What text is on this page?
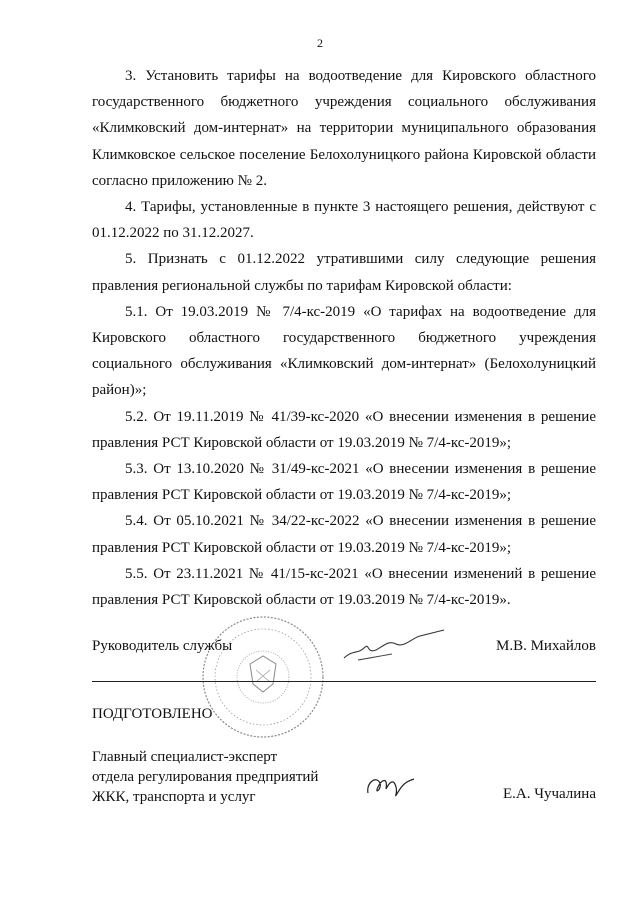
2

3. Установить тарифы на водоотведение для Кировского областного государственного бюджетного учреждения социального обслуживания «Климковский дом-интернат» на территории муниципального образования Климковское сельское поселение Белохолуницкого района Кировской области согласно приложению № 2.

4. Тарифы, установленные в пункте 3 настоящего решения, действуют с 01.12.2022 по 31.12.2027.

5. Признать с 01.12.2022 утратившими силу следующие решения правления региональной службы по тарифам Кировской области:

5.1. От 19.03.2019 № 7/4-кс-2019 «О тарифах на водоотведение для Кировского областного государственного бюджетного учреждения социального обслуживания «Климковский дом-интернат» (Белохолуницкий район)»;

5.2. От 19.11.2019 № 41/39-кс-2020 «О внесении изменения в решение правления РСТ Кировской области от 19.03.2019 № 7/4-кс-2019»;

5.3. От 13.10.2020 № 31/49-кс-2021 «О внесении изменения в решение правления РСТ Кировской области от 19.03.2019 № 7/4-кс-2019»;

5.4. От 05.10.2021 № 34/22-кс-2022 «О внесении изменения в решение правления РСТ Кировской области от 19.03.2019 № 7/4-кс-2019»;

5.5. От 23.11.2021 № 41/15-кс-2021 «О внесении изменений в решение правления РСТ Кировской области от 19.03.2019 № 7/4-кс-2019».

Руководитель службы	М.В. Михайлов
ПОДГОТОВЛЕНО
Главный специалист-эксперт
отдела регулирования предприятий
ЖКК, транспорта и услуг	Е.А. Чучалина
